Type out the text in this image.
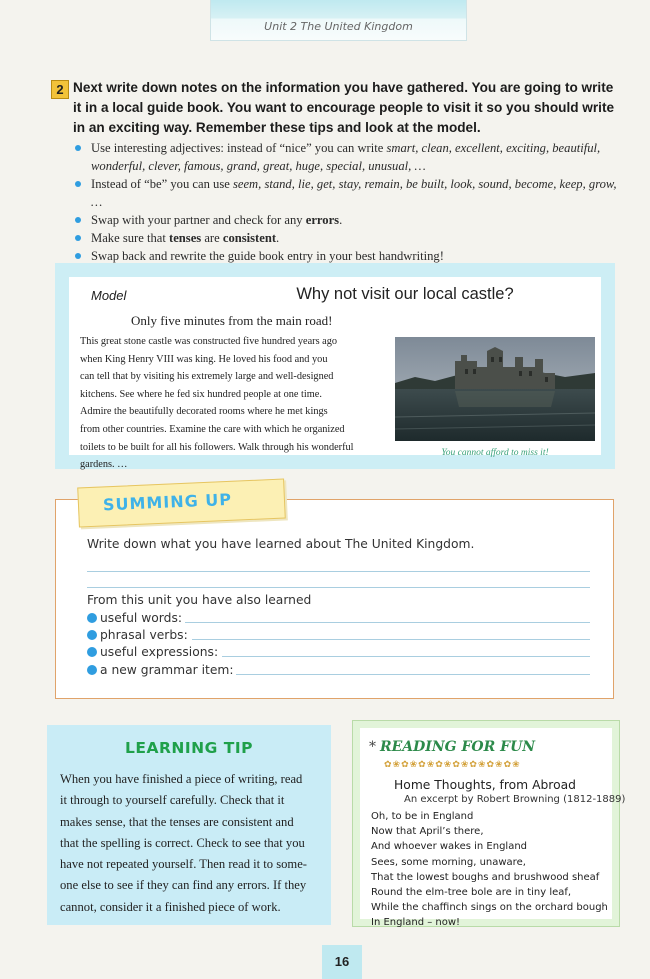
Unit 2 The United Kingdom
2 Next write down notes on the information you have gathered. You are going to write it in a local guide book. You want to encourage people to visit it so you should write in an exciting way. Remember these tips and look at the model.
Use interesting adjectives: instead of “nice” you can write smart, clean, excellent, exciting, beautiful, wonderful, clever, famous, grand, great, huge, special, unusual, …
Instead of “be” you can use seem, stand, lie, get, stay, remain, be built, look, sound, become, keep, grow, …
Swap with your partner and check for any errors.
Make sure that tenses are consistent.
Swap back and rewrite the guide book entry in your best handwriting!
Model	Why not visit our local castle?
Only five minutes from the main road!
This great stone castle was constructed five hundred years ago
when King Henry VIII was king. He loved his food and you
can tell that by visiting his extremely large and well-designed
kitchens. See where he fed six hundred people at one time.
Admire the beautifully decorated rooms where he met kings
from other countries. Examine the care with which he organized
toilets to be built for all his followers. Walk through his wonderful
gardens. …
You cannot afford to miss it!
SUMMING UP
Write down what you have learned about The United Kingdom.
From this unit you have also learned
useful words:
phrasal verbs:
useful expressions:
a new grammar item:
LEARNING TIP
When you have finished a piece of writing, read
it through to yourself carefully. Check that it
makes sense, that the tenses are consistent and
that the spelling is correct. Check to see that you
have not repeated yourself. Then read it to some-
one else to see if they can find any errors. If they
cannot, consider it a finished piece of work.
* READING FOR FUN
✿❀✿❀✿❀✿❀✿❀✿❀✿❀✿❀
Home Thoughts, from Abroad
An excerpt by Robert Browning (1812-1889)
Oh, to be in England
Now that April’s there,
And whoever wakes in England
Sees, some morning, unaware,
That the lowest boughs and brushwood sheaf
Round the elm-tree bole are in tiny leaf,
While the chaffinch sings on the orchard bough
In England – now!
16
